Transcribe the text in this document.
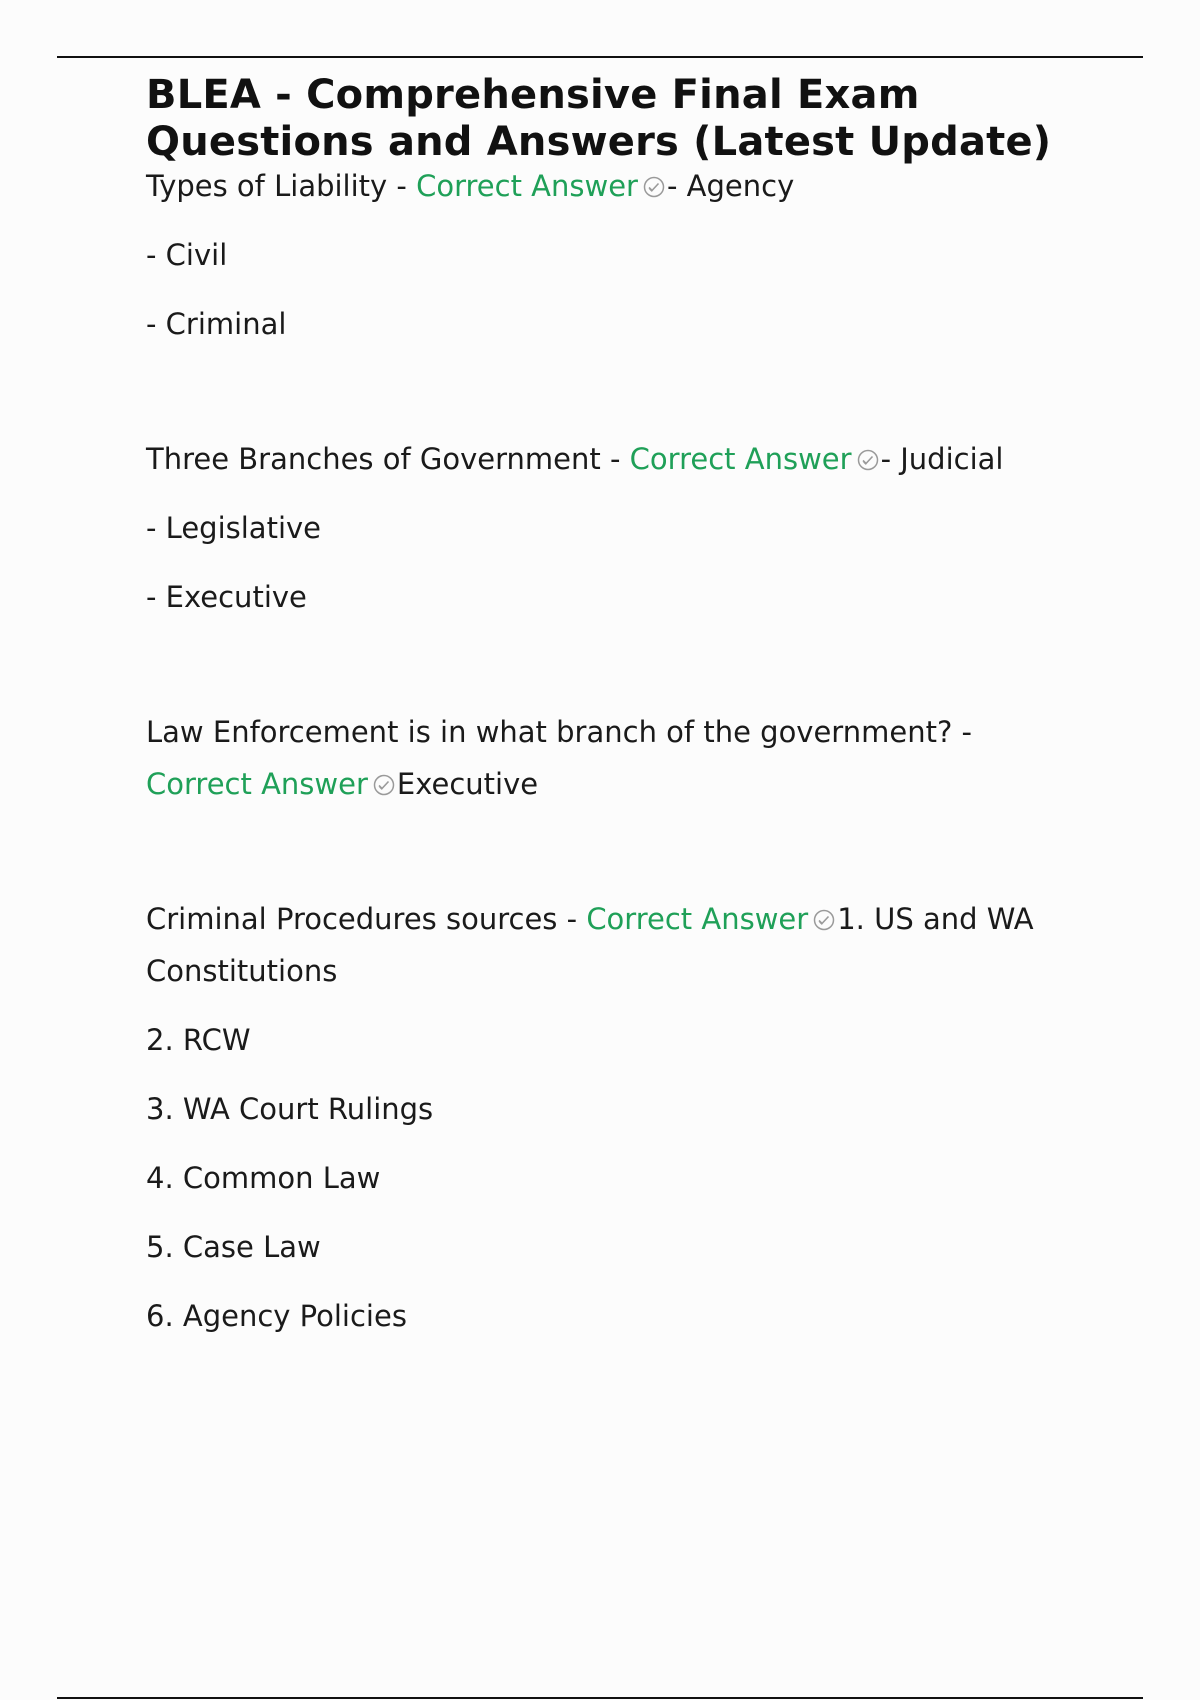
BLEA - Comprehensive Final Exam
Questions and Answers (Latest Update)

Types of Liability - Correct Answer - Agency

- Civil

- Criminal

Three Branches of Government - Correct Answer - Judicial

- Legislative

- Executive

Law Enforcement is in what branch of the government? -

Correct Answer Executive

Criminal Procedures sources - Correct Answer 1. US and WA

Constitutions

2. RCW

3. WA Court Rulings

4. Common Law

5. Case Law

6. Agency Policies
